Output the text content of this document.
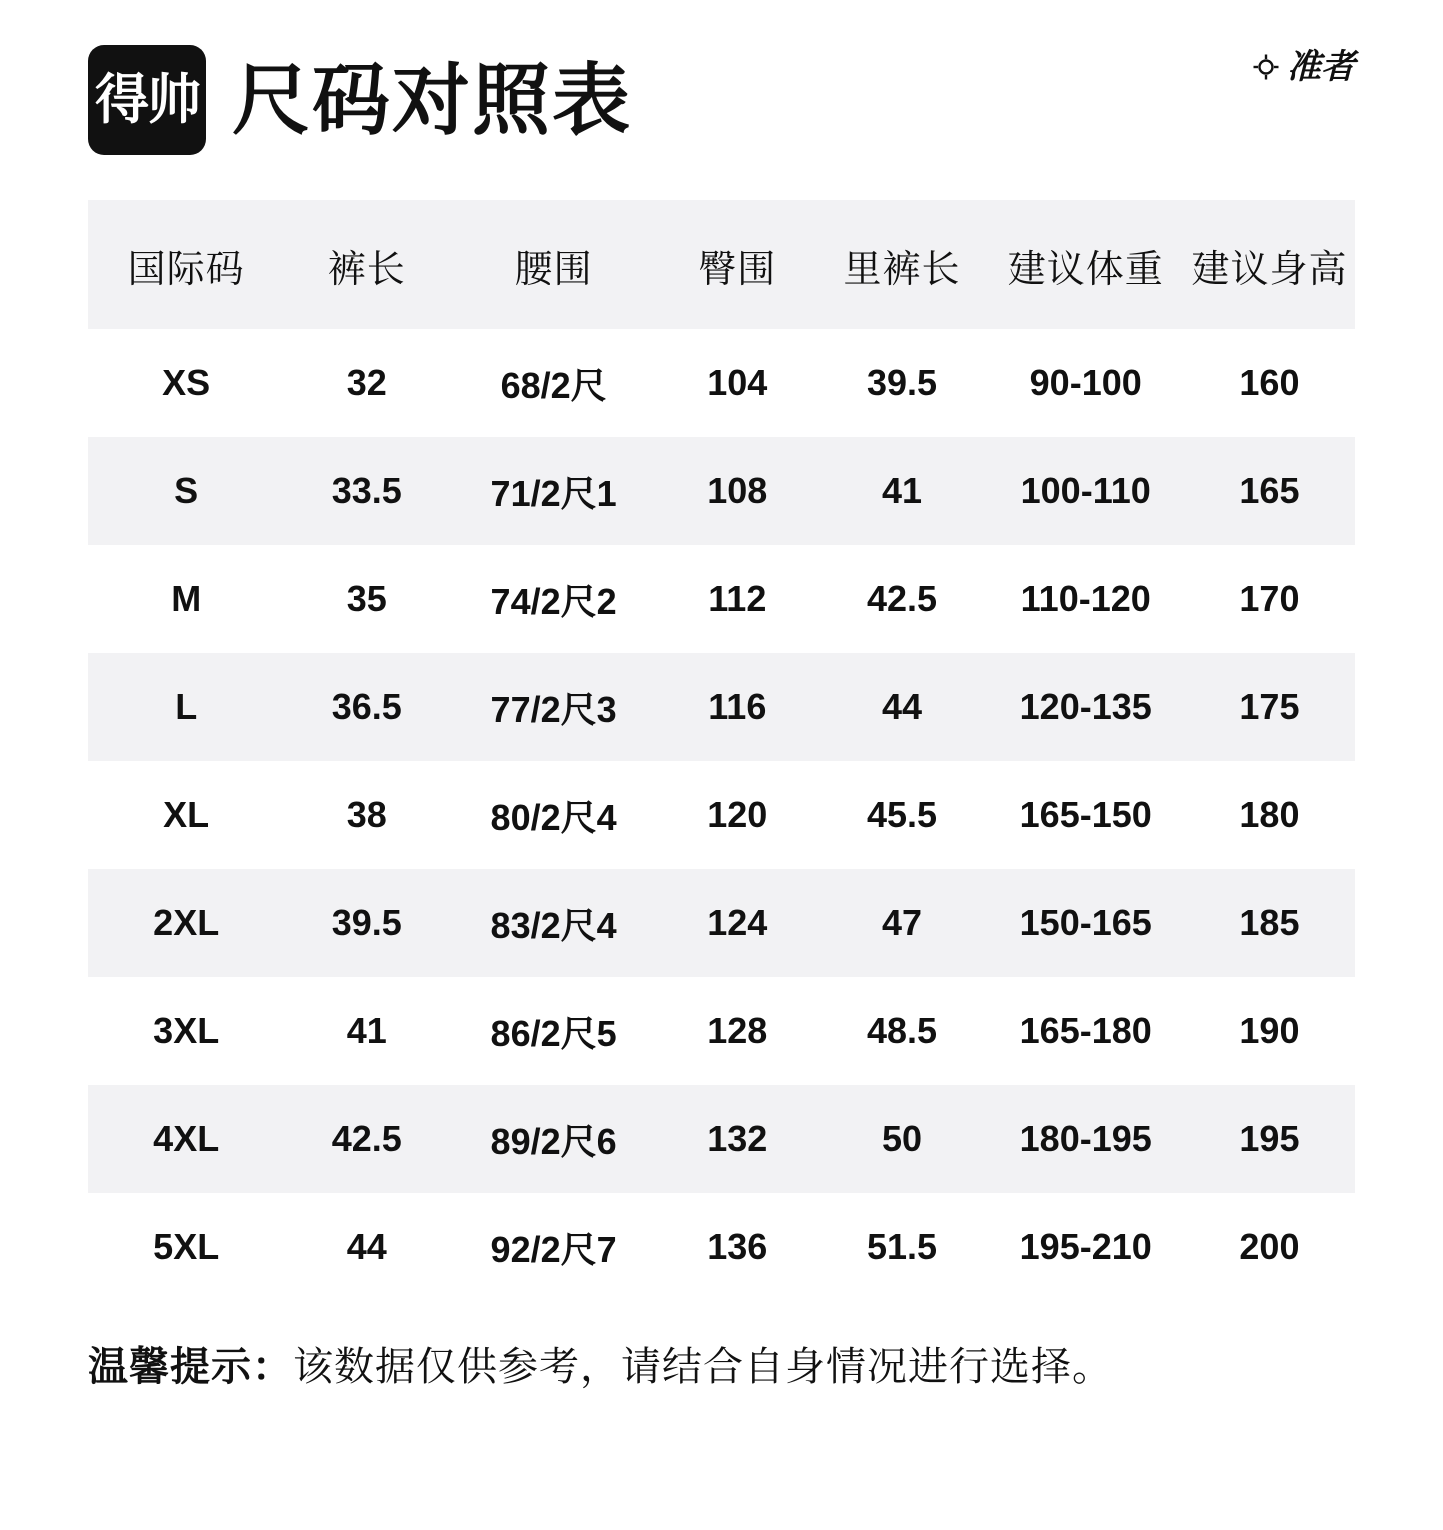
得帅 尺码对照表	准者
国际码	裤长	腰围	臀围	里裤长	建议体重	建议身高
XS	32	68/2尺	104	39.5	90-100	160
S	33.5	71/2尺1	108	41	100-110	165
M	35	74/2尺2	112	42.5	110-120	170
L	36.5	77/2尺3	116	44	120-135	175
XL	38	80/2尺4	120	45.5	165-150	180
2XL	39.5	83/2尺4	124	47	150-165	185
3XL	41	86/2尺5	128	48.5	165-180	190
4XL	42.5	89/2尺6	132	50	180-195	195
5XL	44	92/2尺7	136	51.5	195-210	200
温馨提示：该数据仅供参考，请结合自身情况进行选择。
